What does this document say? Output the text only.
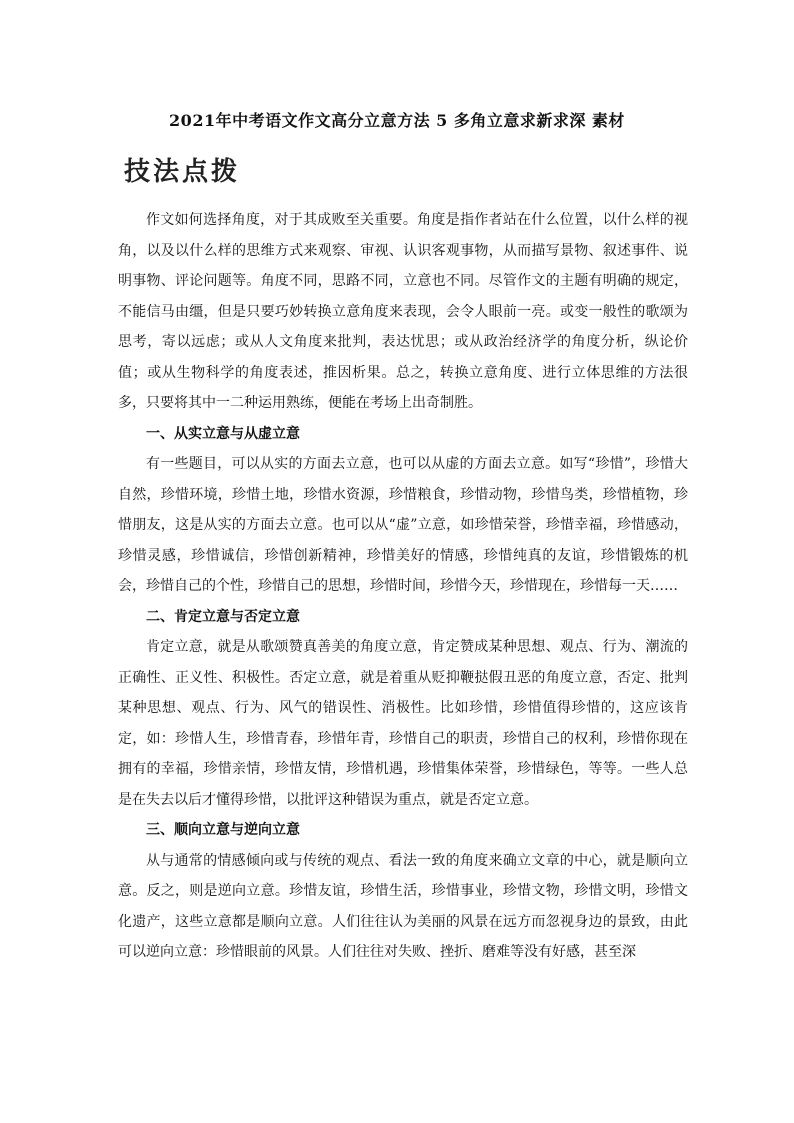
2021年中考语文作文高分立意方法 5 多角立意求新求深 素材
技法点拨

作文如何选择角度，对于其成败至关重要。角度是指作者站在什么位置，以什么样的视角，以及以什么样的思维方式来观察、审视、认识客观事物，从而描写景物、叙述事件、说明事物、评论问题等。角度不同，思路不同，立意也不同。尽管作文的主题有明确的规定，不能信马由缰，但是只要巧妙转换立意角度来表现，会令人眼前一亮。或变一般性的歌颂为思考，寄以远虑；或从人文角度来批判，表达忧思；或从政治经济学的角度分析，纵论价值；或从生物科学的角度表述，推因析果。总之，转换立意角度、进行立体思维的方法很多，只要将其中一二种运用熟练，便能在考场上出奇制胜。

一、从实立意与从虚立意

有一些题目，可以从实的方面去立意，也可以从虚的方面去立意。如写“珍惜”，珍惜大自然，珍惜环境，珍惜土地，珍惜水资源，珍惜粮食，珍惜动物，珍惜鸟类，珍惜植物，珍惜朋友，这是从实的方面去立意。也可以从“虚”立意，如珍惜荣誉，珍惜幸福，珍惜感动，珍惜灵感，珍惜诚信，珍惜创新精神，珍惜美好的情感，珍惜纯真的友谊，珍惜锻炼的机会，珍惜自己的个性，珍惜自己的思想，珍惜时间，珍惜今天，珍惜现在，珍惜每一天……

二、肯定立意与否定立意

肯定立意，就是从歌颂赞真善美的角度立意，肯定赞成某种思想、观点、行为、潮流的正确性、正义性、积极性。否定立意，就是着重从贬抑鞭挞假丑恶的角度立意，否定、批判某种思想、观点、行为、风气的错误性、消极性。比如珍惜，珍惜值得珍惜的，这应该肯定，如：珍惜人生，珍惜青春，珍惜年青，珍惜自己的职责，珍惜自己的权利，珍惜你现在拥有的幸福，珍惜亲情，珍惜友情，珍惜机遇，珍惜集体荣誉，珍惜绿色，等等。一些人总是在失去以后才懂得珍惜，以批评这种错误为重点，就是否定立意。

三、顺向立意与逆向立意

从与通常的情感倾向或与传统的观点、看法一致的角度来确立文章的中心，就是顺向立意。反之，则是逆向立意。珍惜友谊，珍惜生活，珍惜事业，珍惜文物，珍惜文明，珍惜文化遗产，这些立意都是顺向立意。人们往往认为美丽的风景在远方而忽视身边的景致，由此可以逆向立意：珍惜眼前的风景。人们往往对失败、挫折、磨难等没有好感，甚至深
